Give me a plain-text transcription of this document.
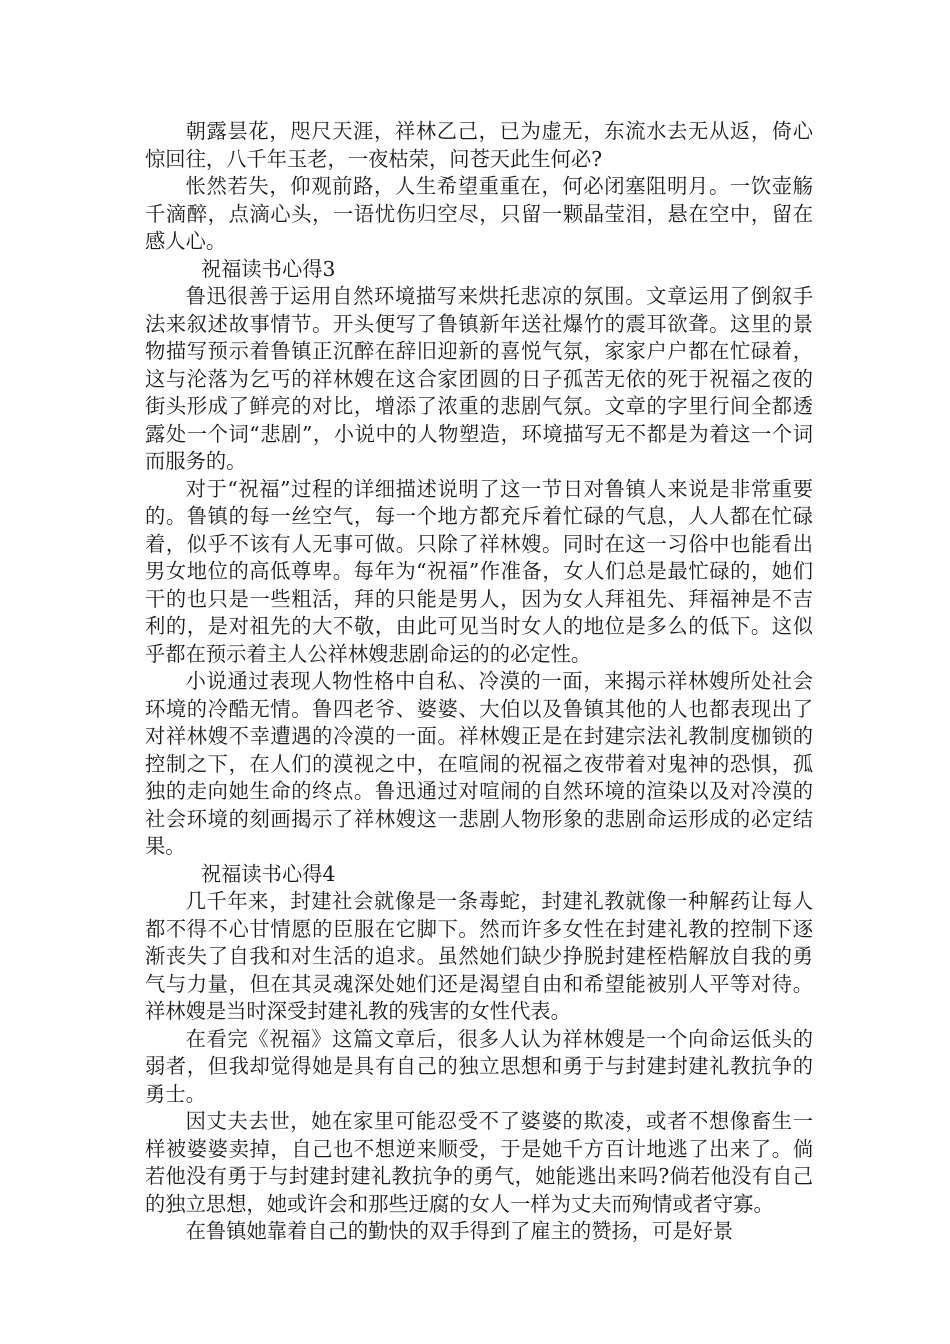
朝露昙花，咫尺天涯，祥林乙己，已为虚无，东流水去无从返，倚心惊回往，八千年玉老，一夜枯荣，问苍天此生何必?

怅然若失，仰观前路，人生希望重重在，何必闭塞阻明月。一饮壶觞千滴醉，点滴心头，一语忧伤归空尽，只留一颗晶莹泪，悬在空中，留在感人心。

祝福读书心得3

鲁迅很善于运用自然环境描写来烘托悲凉的氛围。文章运用了倒叙手法来叙述故事情节。开头便写了鲁镇新年送社爆竹的震耳欲聋。这里的景物描写预示着鲁镇正沉醉在辞旧迎新的喜悦气氛，家家户户都在忙碌着，这与沦落为乞丐的祥林嫂在这合家团圆的日子孤苦无依的死于祝福之夜的街头形成了鲜亮的对比，增添了浓重的悲剧气氛。文章的字里行间全都透露处一个词“悲剧”，小说中的人物塑造，环境描写无不都是为着这一个词而服务的。

对于“祝福”过程的详细描述说明了这一节日对鲁镇人来说是非常重要的。鲁镇的每一丝空气，每一个地方都充斥着忙碌的气息，人人都在忙碌着，似乎不该有人无事可做。只除了祥林嫂。同时在这一习俗中也能看出男女地位的高低尊卑。每年为“祝福”作准备，女人们总是最忙碌的，她们干的也只是一些粗活，拜的只能是男人，因为女人拜祖先、拜福神是不吉利的，是对祖先的大不敬，由此可见当时女人的地位是多么的低下。这似乎都在预示着主人公祥林嫂悲剧命运的的必定性。

小说通过表现人物性格中自私、冷漠的一面，来揭示祥林嫂所处社会环境的冷酷无情。鲁四老爷、婆婆、大伯以及鲁镇其他的人也都表现出了对祥林嫂不幸遭遇的冷漠的一面。祥林嫂正是在封建宗法礼教制度枷锁的控制之下，在人们的漠视之中，在喧闹的祝福之夜带着对鬼神的恐惧，孤独的走向她生命的终点。鲁迅通过对喧闹的自然环境的渲染以及对冷漠的社会环境的刻画揭示了祥林嫂这一悲剧人物形象的悲剧命运形成的必定结果。

祝福读书心得4

几千年来，封建社会就像是一条毒蛇，封建礼教就像一种解药让每人都不得不心甘情愿的臣服在它脚下。然而许多女性在封建礼教的控制下逐渐丧失了自我和对生活的追求。虽然她们缺少挣脱封建桎梏解放自我的勇气与力量，但在其灵魂深处她们还是渴望自由和希望能被别人平等对待。祥林嫂是当时深受封建礼教的残害的女性代表。

在看完《祝福》这篇文章后，很多人认为祥林嫂是一个向命运低头的弱者，但我却觉得她是具有自己的独立思想和勇于与封建封建礼教抗争的勇士。

因丈夫去世，她在家里可能忍受不了婆婆的欺凌，或者不想像畜生一样被婆婆卖掉，自己也不想逆来顺受，于是她千方百计地逃了出来了。倘若他没有勇于与封建封建礼教抗争的勇气，她能逃出来吗?倘若他没有自己的独立思想，她或许会和那些迂腐的女人一样为丈夫而殉情或者守寡。

在鲁镇她靠着自己的勤快的双手得到了雇主的赞扬，可是好景
